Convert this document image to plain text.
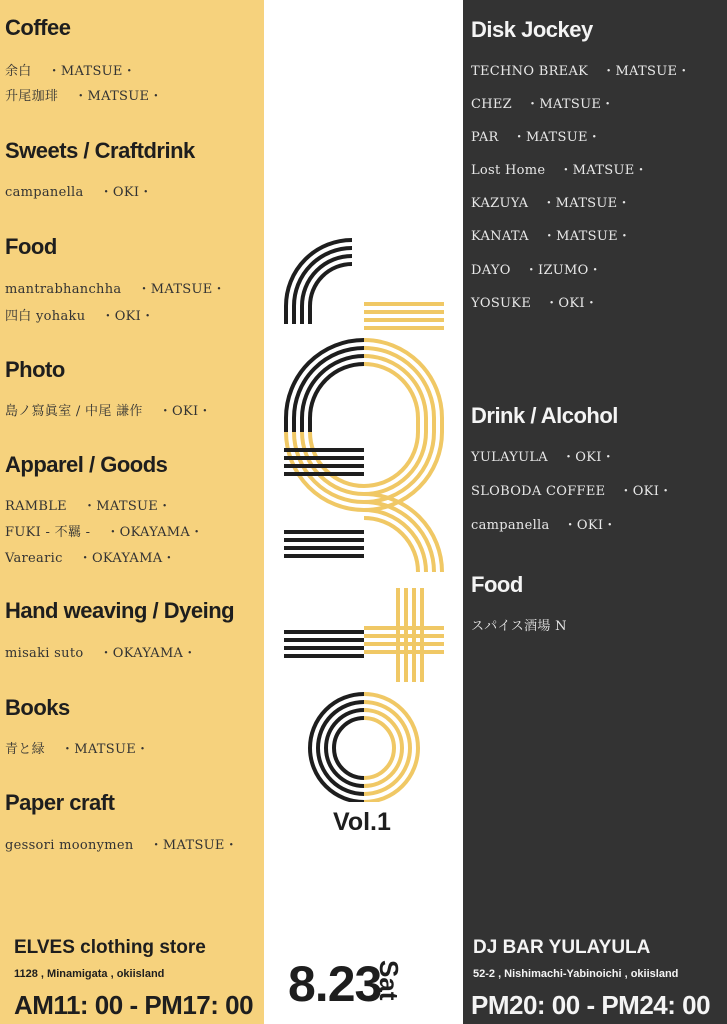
Coffee
余白 ・MATSUE・
升尾珈琲 ・MATSUE・
Sweets / Craftdrink
campanella ・OKI・
Food
mantrabhanchha ・MATSUE・
四白 yohaku ・OKI・
Photo
島ノ寫眞室 / 中尾 謙作 ・OKI・
Apparel / Goods
RAMBLE ・MATSUE・
FUKI - 不羈 - ・OKAYAMA・
Varearic ・OKAYAMA・
Hand weaving / Dyeing
misaki suto ・OKAYAMA・
Books
青と緑 ・MATSUE・
Paper craft
gessori moonymen ・MATSUE・
ELVES clothing store
1128 , Minamigata , okiisland
AM11: 00 - PM17: 00
Vol.1
8.23
Sat
Disk Jockey
TECHNO BREAK ・MATSUE・
CHEZ ・MATSUE・
PAR ・MATSUE・
Lost Home ・MATSUE・
KAZUYA ・MATSUE・
KANATA ・MATSUE・
DAYO ・IZUMO・
YOSUKE ・OKI・
Drink / Alcohol
YULAYULA ・OKI・
SLOBODA COFFEE ・OKI・
campanella ・OKI・
Food
スパイス酒場 N
DJ BAR YULAYULA
52-2 , Nishimachi-Yabinoichi , okiisland
PM20: 00 - PM24: 00
